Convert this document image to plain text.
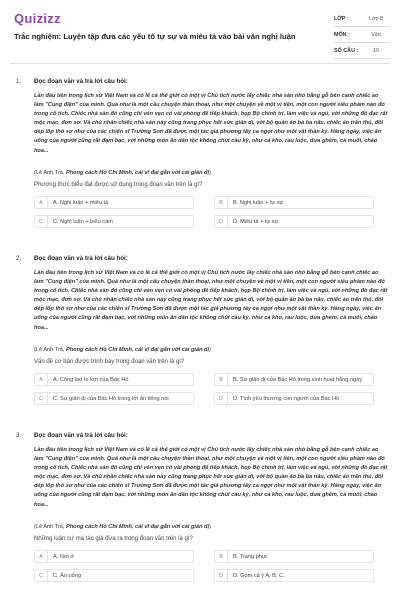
Quizizz
Trắc nghiệm: Luyện tập đưa các yếu tố tự sự và miêu tả vào bài văn nghị luận
LỚP :	Lớp 8
MÔN :	Văn
SỐ CÂU :	10
1. Đọc đoạn văn và trả lời câu hỏi:
Lần đầu tiên trong lịch sử Việt Nam và có lẽ cả thế giới có một vị Chủ tịch nước lấy chiếc nhà sàn nhỏ bằng gỗ bên cạnh chiếc ao làm "Cung điện" của mình. Quả như là một câu chuyện thần thoại, như một chuyện về một vị tiên, một con người siêu phàm nào đó trong cổ tích. Chiếc nhà sàn đó cũng chỉ vẻn vẹn có vài phòng để tiếp khách, họp Bộ chính trị, làm việc và ngủ, với những đồ đạc rất mộc mạc, đơn sơ. Và chủ nhân chiếc nhà sàn này cũng trang phục hết sức giản dị, với bộ quần áo bà ba nâu, chiếc áo trấn thủ, đôi dép lốp thô sơ như của các chiến sĩ Trường Sơn đã được một tác giả phương tây ca ngợi như một vật thần kỳ. Hàng ngày, việc ăn uống của người cũng rất đạm bạc, với những món ăn dân tộc không chút cầu kỳ, như cá kho, rau luộc, dưa ghém, cà muối, cháo hoa...
(Lê Anh Trà, Phong cách Hồ Chí Minh, cái vĩ đại gắn với cái giản dị)
Phương thức biểu đạt được sử dụng trong đoạn văn trên là gì?
A	A. Nghị luận + miêu tả	B	B. Nghị luận + tự sự
C	C. Nghị luận + biểu cảm	D	D. Miêu tả + tự sự.
2. Đọc đoạn văn và trả lời câu hỏi:
Lần đầu tiên trong lịch sử Việt Nam và có lẽ cả thế giới có một vị Chủ tịch nước lấy chiếc nhà sàn nhỏ bằng gỗ bên cạnh chiếc ao làm "Cung điện" của mình. Quả như là một câu chuyện thần thoại, như một chuyện về một vị tiên, một con người siêu phàm nào đó trong cổ tích. Chiếc nhà sàn đó cũng chỉ vẻn vẹn có vài phòng để tiếp khách, họp Bộ chính trị, làm việc và ngủ, với những đồ đạc rất mộc mạc, đơn sơ. Và chủ nhân chiếc nhà sàn này cũng trang phục hết sức giản dị, với bộ quần áo bà ba nâu, chiếc áo trấn thủ, đôi dép lốp thô sơ như của các chiến sĩ Trường Sơn đã được một tác giả phương tây ca ngợi như một vật thần kỳ. Hàng ngày, việc ăn uống của người cũng rất đạm bạc, với những món ăn dân tộc không chút cầu kỳ, như cá kho, rau luộc, dưa ghém, cà muối, cháo hoa...
(Lê Anh Trà, Phong cách Hồ Chí Minh, cái vĩ đại gắn với cái giản dị)
Vấn đề cơ bản được trình bày trong đoạn văn trên là gì?
A	A. Công lao to lớn của Bác Hồ	B	B. Sự giản dị của Bác Hồ trong sinh hoạt hằng ngày
C	C. Sự giản dị của Bác Hồ trong lời ăn tiếng nói	D	D. Tình yêu thương con người của Bác Hồ
3. Đọc đoạn văn và trả lời câu hỏi:
Lần đầu tiên trong lịch sử Việt Nam và có lẽ cả thế giới có một vị Chủ tịch nước lấy chiếc nhà sàn nhỏ bằng gỗ bên cạnh chiếc ao làm "Cung điện" của mình. Quả như là một câu chuyện thần thoại, như một chuyện về một vị tiên, một con người siêu phàm nào đó trong cổ tích. Chiếc nhà sàn đó cũng chỉ vẻn vẹn có vài phòng để tiếp khách, họp Bộ chính trị, làm việc và ngủ, với những đồ đạc rất mộc mạc, đơn sơ. Và chủ nhân chiếc nhà sàn này cũng trang phục hết sức giản dị, với bộ quần áo bà ba nâu, chiếc áo trấn thủ, đôi dép lốp thô sơ như của các chiến sĩ Trường Sơn đã được một tác giả phương tây ca ngợi như một vật thần kỳ. Hàng ngày, việc ăn uống của người cũng rất đạm bạc, với những món ăn dân tộc không chút cầu kỳ, như cá kho, rau luộc, dưa ghém, cà muối, cháo hoa...
(Lê Anh Trà, Phong cách Hồ Chí Minh, cái vĩ đại gắn với cái giản dị)
Những luận cứ mà tác giả đưa ra trong đoạn văn trên là gì?
A	A. Nơi ở	B	B. Trang phục
C	C. Ăn uống	D	D. Gồm cả ý A, B, C.
